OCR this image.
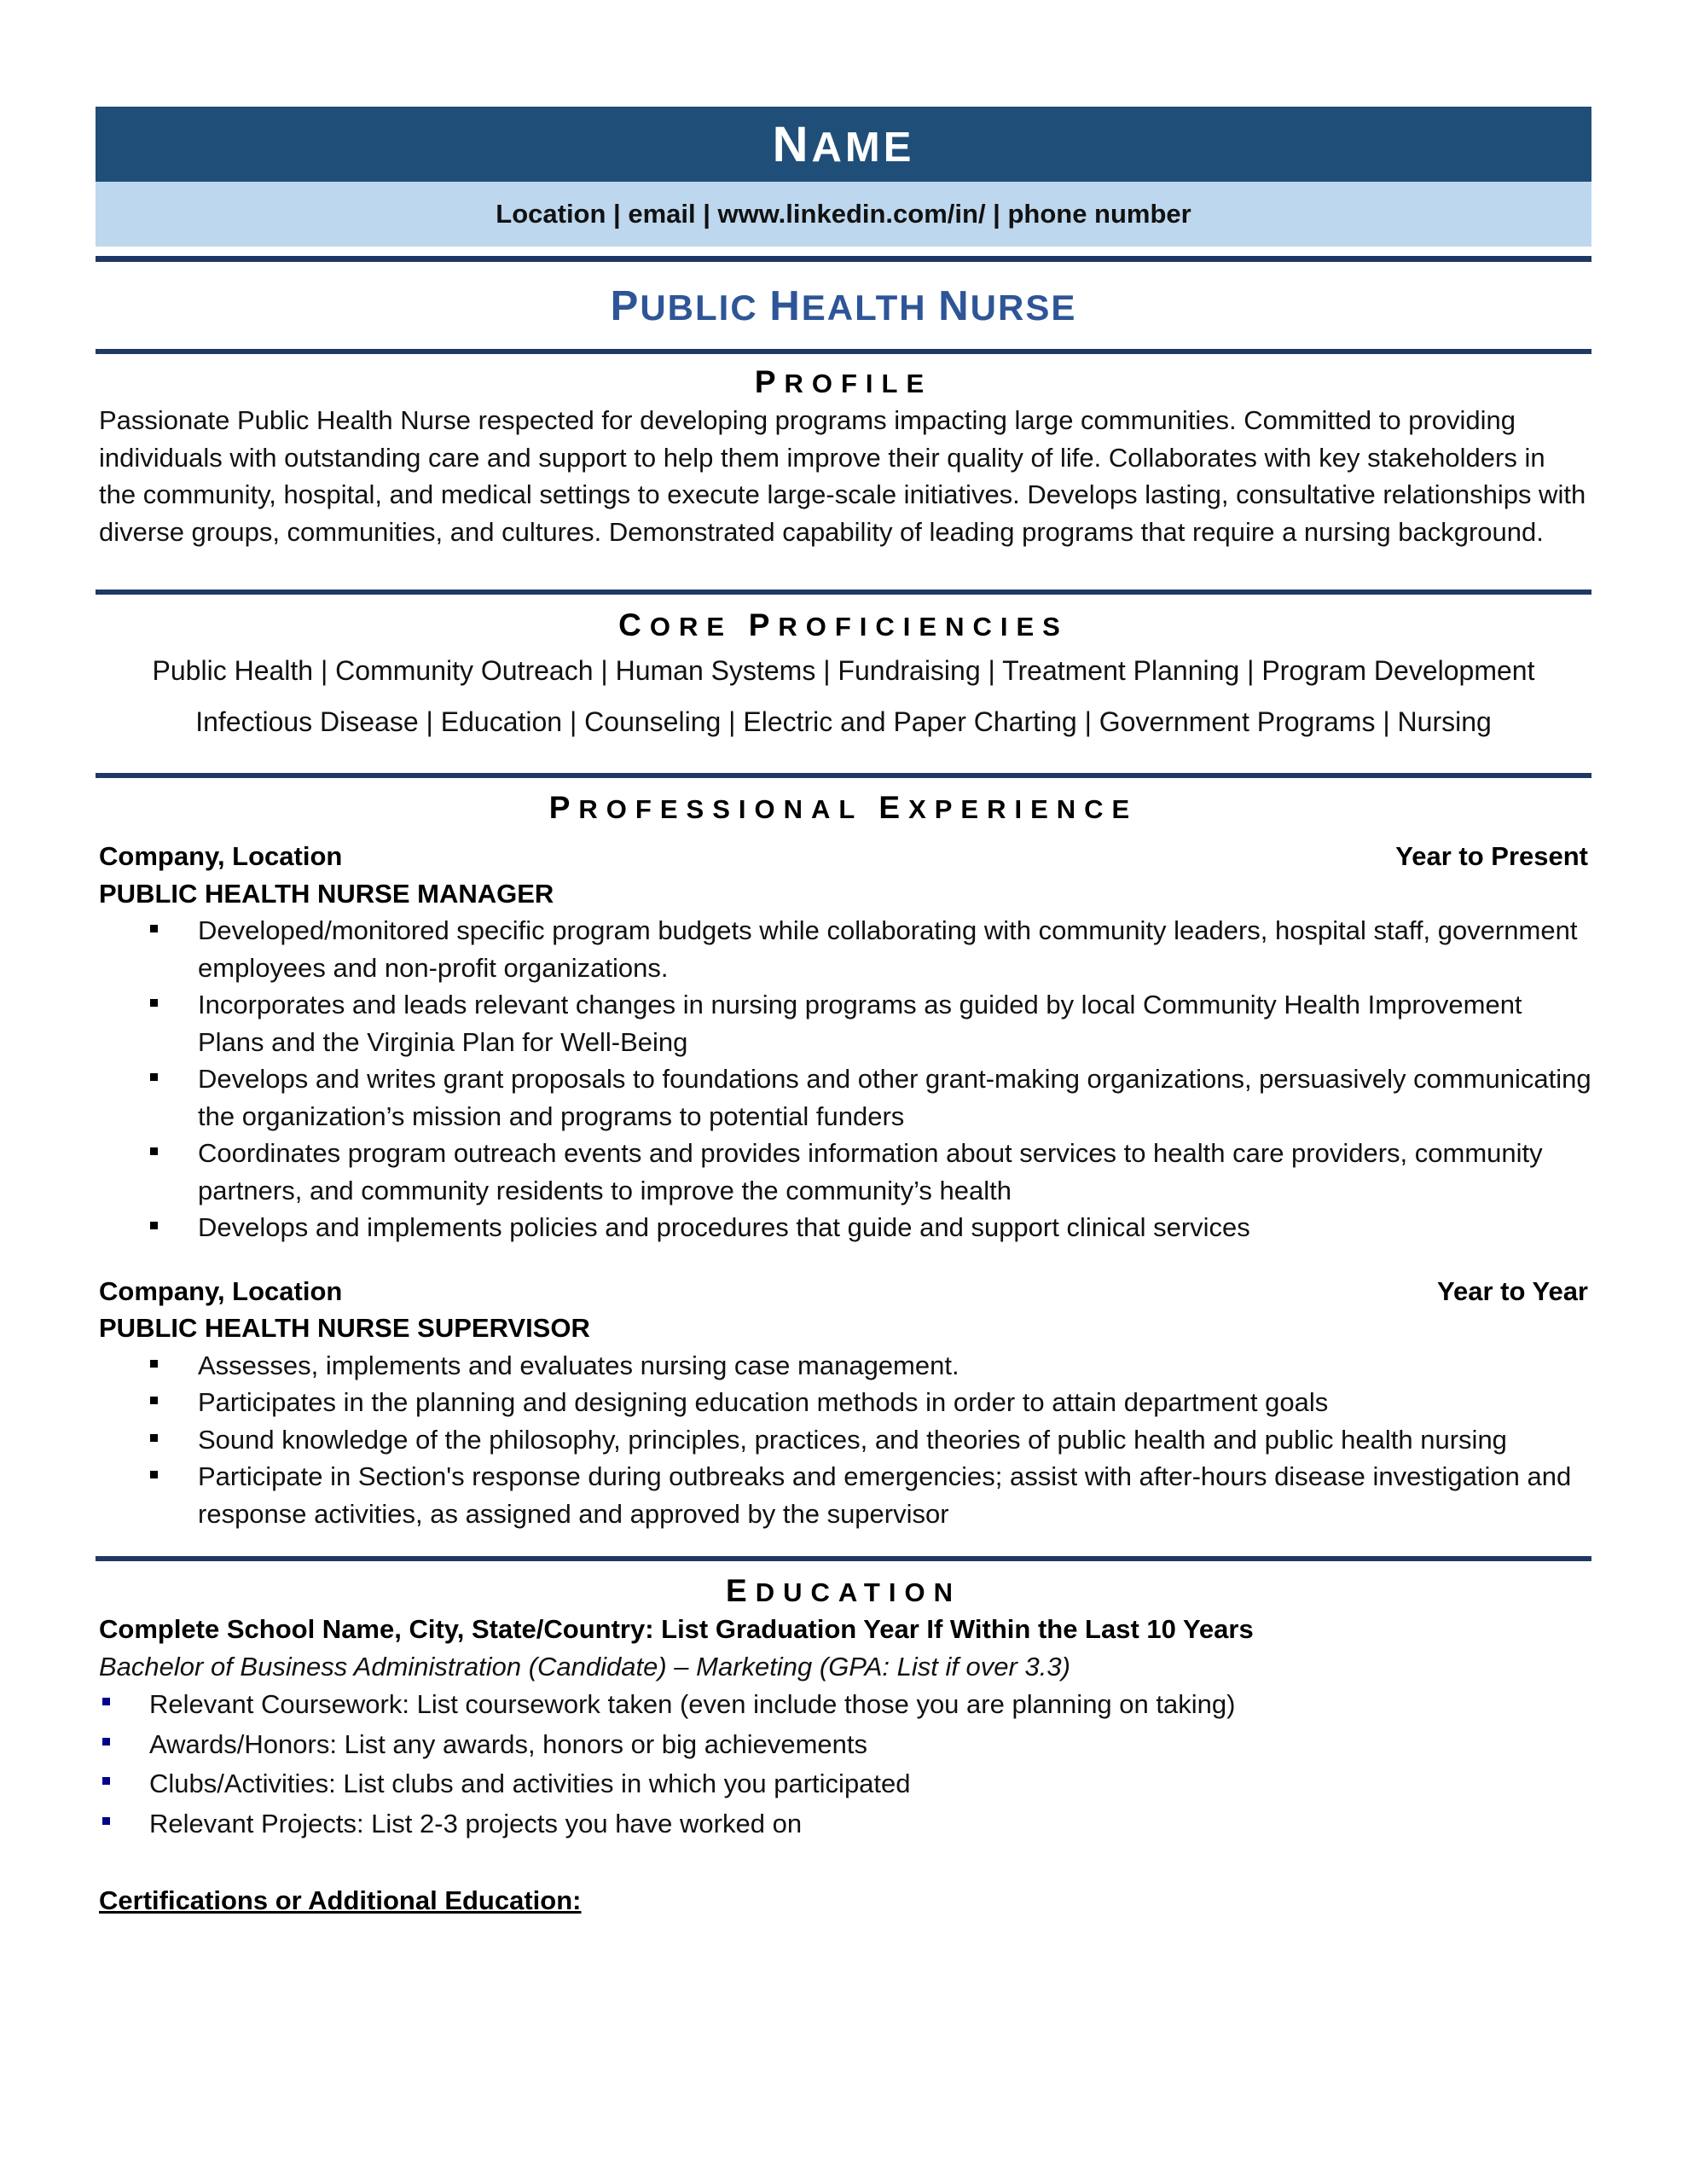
NAME
Location | email | www.linkedin.com/in/ | phone number
PUBLIC HEALTH NURSE
PROFILE

Passionate Public Health Nurse respected for developing programs impacting large communities. Committed to providing individuals with outstanding care and support to help them improve their quality of life. Collaborates with key stakeholders in the community, hospital, and medical settings to execute large-scale initiatives. Develops lasting, consultative relationships with diverse groups, communities, and cultures. Demonstrated capability of leading programs that require a nursing background.

CORE PROFICIENCIES
Public Health | Community Outreach | Human Systems | Fundraising | Treatment Planning | Program Development
Infectious Disease | Education | Counseling | Electric and Paper Charting | Government Programs | Nursing
PROFESSIONAL EXPERIENCE
Company, Location	Year to Present
PUBLIC HEALTH NURSE MANAGER
Developed/monitored specific program budgets while collaborating with community leaders, hospital staff, government employees and non-profit organizations.
Incorporates and leads relevant changes in nursing programs as guided by local Community Health Improvement Plans and the Virginia Plan for Well-Being
Develops and writes grant proposals to foundations and other grant-making organizations, persuasively communicating the organization’s mission and programs to potential funders
Coordinates program outreach events and provides information about services to health care providers, community partners, and community residents to improve the community’s health
Develops and implements policies and procedures that guide and support clinical services
Company, Location	Year to Year
PUBLIC HEALTH NURSE SUPERVISOR
Assesses, implements and evaluates nursing case management.
Participates in the planning and designing education methods in order to attain department goals
Sound knowledge of the philosophy, principles, practices, and theories of public health and public health nursing
Participate in Section's response during outbreaks and emergencies; assist with after-hours disease investigation and response activities, as assigned and approved by the supervisor
EDUCATION
Complete School Name, City, State/Country: List Graduation Year If Within the Last 10 Years
Bachelor of Business Administration (Candidate) – Marketing (GPA: List if over 3.3)
Relevant Coursework: List coursework taken (even include those you are planning on taking)
Awards/Honors: List any awards, honors or big achievements
Clubs/Activities: List clubs and activities in which you participated
Relevant Projects: List 2-3 projects you have worked on
Certifications or Additional Education:
